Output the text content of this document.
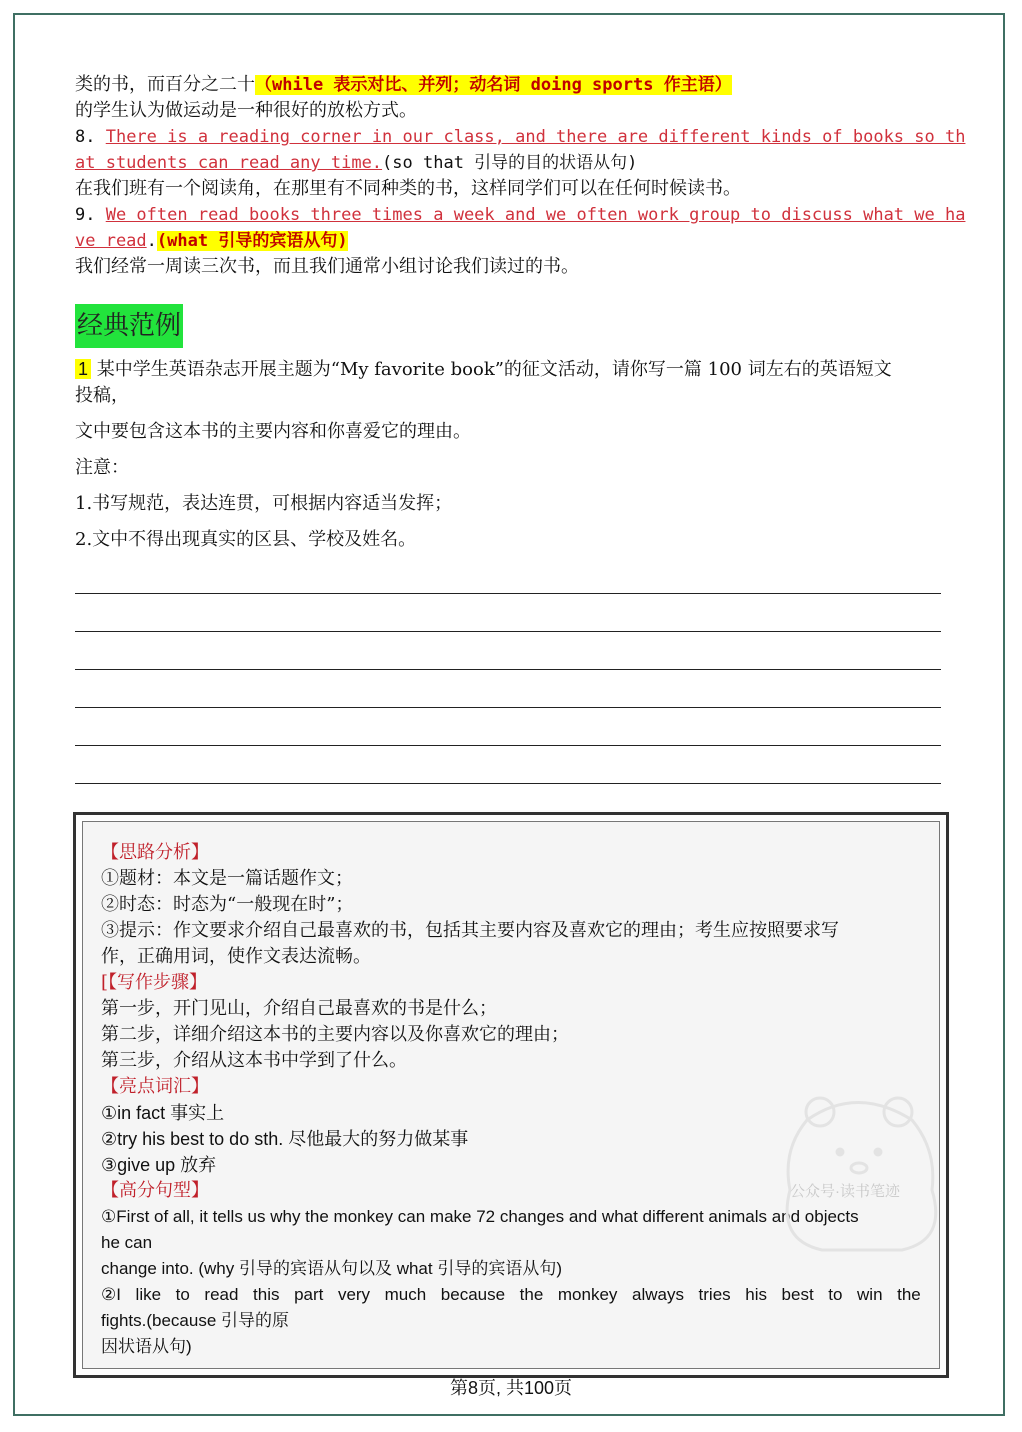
类的书，而百分之二十（while 表示对比、并列；动名词 doing sports 作主语）
的学生认为做运动是一种很好的放松方式。
8. There is a reading corner in our class, and there are different kinds of books so th
at students can read any time.(so that 引导的目的状语从句)
在我们班有一个阅读角，在那里有不同种类的书，这样同学们可以在任何时候读书。
9. We often read books three times a week and we often work group to discuss what we ha
ve read.(what 引导的宾语从句)
我们经常一周读三次书，而且我们通常小组讨论我们读过的书。
经典范例
1 某中学生英语杂志开展主题为“My favorite book”的征文活动，请你写一篇 100 词左右的英语短文
投稿，
文中要包含这本书的主要内容和你喜爱它的理由。
注意：
1.书写规范，表达连贯，可根据内容适当发挥；
2.文中不得出现真实的区县、学校及姓名。
【思路分析】
①题材：本文是一篇话题作文；
②时态：时态为“一般现在时”；
③提示：作文要求介绍自己最喜欢的书，包括其主要内容及喜欢它的理由；考生应按照要求写
作，正确用词，使作文表达流畅。
[【写作步骤】
第一步，开门见山，介绍自己最喜欢的书是什么；
第二步，详细介绍这本书的主要内容以及你喜欢它的理由；
第三步，介绍从这本书中学到了什么。
【亮点词汇】
①in fact 事实上
②try his best to do sth. 尽他最大的努力做某事
③give up 放弃
【高分句型】
①First of all, it tells us why the monkey can make 72 changes and what different animals and objects
he can
change into. (why 引导的宾语从句以及 what 引导的宾语从句)
②I like to read this part very much because the monkey always tries his best to win the
fights.(because 引导的原
因状语从句)
公众号·读书笔迹
第8页, 共100页
